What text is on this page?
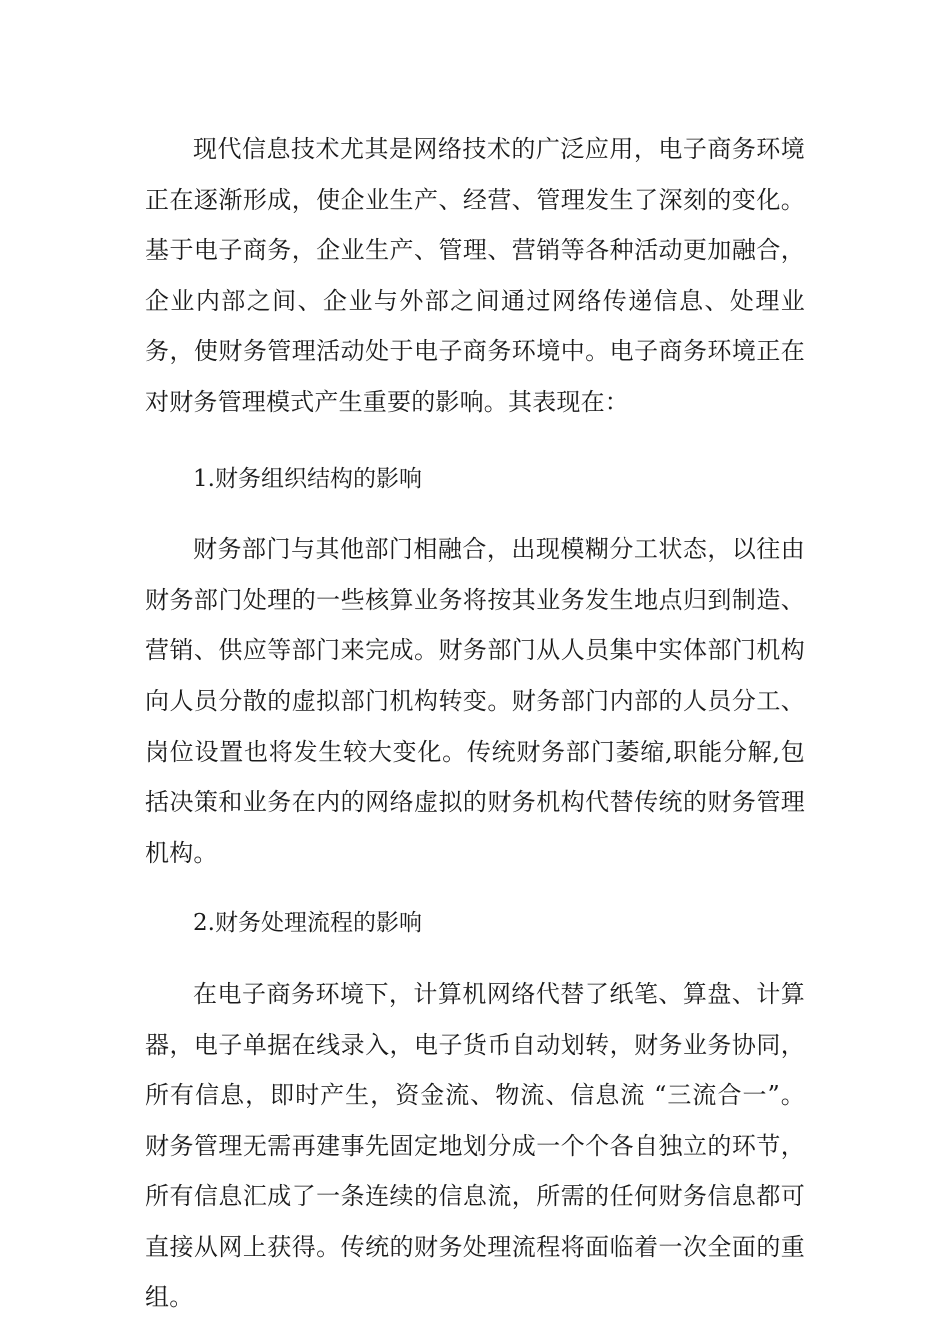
现代信息技术尤其是网络技术的广泛应用，电子商务环境正在逐渐形成，使企业生产、经营、管理发生了深刻的变化。基于电子商务，企业生产、管理、营销等各种活动更加融合，企业内部之间、企业与外部之间通过网络传递信息、处理业务，使财务管理活动处于电子商务环境中。电子商务环境正在对财务管理模式产生重要的影响。其表现在：

1.财务组织结构的影响

财务部门与其他部门相融合，出现模糊分工状态，以往由财务部门处理的一些核算业务将按其业务发生地点归到制造、营销、供应等部门来完成。财务部门从人员集中实体部门机构向人员分散的虚拟部门机构转变。财务部门内部的人员分工、岗位设置也将发生较大变化。传统财务部门萎缩,职能分解,包括决策和业务在内的网络虚拟的财务机构代替传统的财务管理机构。

2.财务处理流程的影响

在电子商务环境下，计算机网络代替了纸笔、算盘、计算器，电子单据在线录入，电子货币自动划转，财务业务协同，所有信息，即时产生，资金流、物流、信息流 “三流合一”。财务管理无需再建事先固定地划分成一个个各自独立的环节，所有信息汇成了一条连续的信息流，所需的任何财务信息都可直接从网上获得。传统的财务处理流程将面临着一次全面的重组。
